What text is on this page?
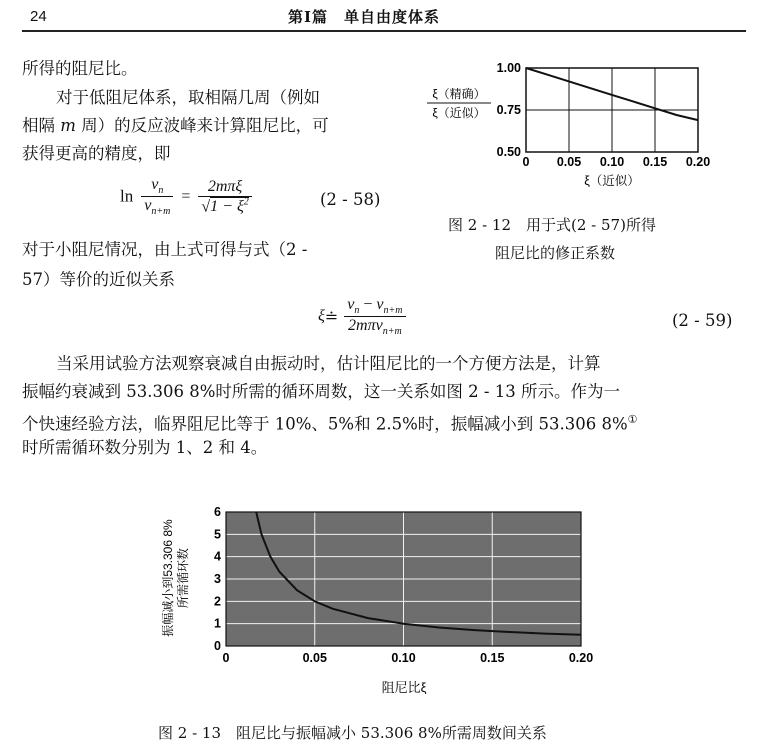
24	第Ⅰ篇　单自由度体系
所得的阻尼比。
对于低阻尼体系，取相隔几周（例如
相隔 m 周）的反应波峰来计算阻尼比，可
获得更高的精度，即
$\ln \frac{v_n}{v_{n+m}} = \frac{\text{2mπξ}}{√1 - \xi^2}$	(2 - 58)
对于小阻尼情况，由上式可得与式（2 -
57）等价的近似关系
ξ≐ $\frac{v_n - v_{n+m}}{2m\pi v_{n+m}}$	(2 - 59)
当采用试验方法观察衰减自由振动时，估计阻尼比的一个方便方法是，计算
振幅约衰减到 53.306 8%时所需的循环周数，这一关系如图 2 - 13 所示。作为一
个快速经验方法，临界阻尼比等于 10%、5%和 2.5%时，振幅减小到 53.306 8%①
时所需循环数分别为 1、2 和 4。
1.00
0.75
0.50
0 0.05 0.10 0.15 0.20
ξ（精确）
ξ（近似）
ξ（近似）
图 2 - 12　用于式(2 - 57)所得
阻尼比的修正系数
0
1
2
3
4
5
6
0	0.05	0.10	0.15	0.20
振幅减小到53.306 8% 所需循环数
阻尼比ξ
图 2 - 13　阻尼比与振幅减小 53.306 8%所需周数间关系
